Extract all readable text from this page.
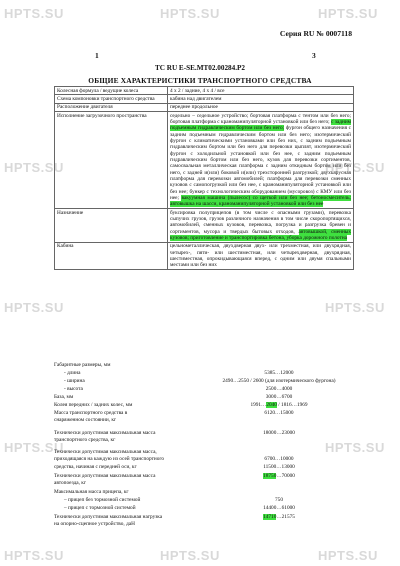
HPTS.SU	HPTS.SU	HPTS.SU
HPTS.SU	HPTS.SU
HPTS.SU	HPTS.SU
HPTS.SU	HPTS.SU
HPTS.SU	HPTS.SU	HPTS.SU
Серия RU № 0007118
1	3
ТС RU E-SE.MT02.00284.P2
ОБЩИЕ ХАРАКТЕРИСТИКИ ТРАНСПОРТНОГО СРЕДСТВА
Колесная формула / ведущие колеса	4 x 2 / задние, 4 x 4 / все
Схема компоновки транспортного средства	кабина над двигателем
Расположение двигателя	переднее продольное
Исполнение загрузочного пространства	седельно – седельное устройство; бортовая платформа с тентом или без него; бортовая платформа с краноманипуляторной установкой или без него; с задним подъемным гидравлическим бортом или без него; фургон общего назначения с задним подъемным гидравлическим бортом или без него; изотермический фургон с климатическими установками или без них, с задним подъемным гидравлическим бортом или без него для перевозки цыплят, изотермический фургон с холодильной установкой или без нее, с задним подъемным гидравлическим бортом или без него, кузов для перевозки сортиментов, самосвальная металлическая платформа с задним откидным бортом или без него, с задней и(или) боковой и(или) трехсторонней разгрузкой; двухъярусная платформа для перевозки автомобилей; платформа для перевозки сменных кузовов с самопогрузкой или без нее, с краноманипуляторной установкой или без нее; бункер с технологическим оборудованием (мусоровоз) с КМУ или без нее; вакуумная машина (пылесос) со щеткой или без нее; бетоносмеситель; автовышка на шасси, краноманипуляторной установкой или без нее
Назначение	буксировка полуприцепов (в том числе с опасными грузами), перевозка сыпучих грузов, грузов различного назначения в том числе скоропортящихся, автомобилей, сменных кузовов, перевозка, погрузка и разгрузка бревен и сортиментов, мусора и твердых бытовых отходов, автовышкой, сменных кузовов; приготовление и транспортировка бетона, уборка дорожного полотна
Кабина	цельнометаллическая, двухдверная двух- или трехместная, или двухрядная, четырех-, пяти- или шестиместная, или четырехдверная, двухрядная, шестиместная, опрокидывающаяся вперед, с одним или двумя спальными местами или без них
Габаритные размеры, мм
- длина	5385…12000
- ширина	2490…2550 / 2600 (для изотермического фургона)
- высота	2500…4000
База, мм	3000…6700
Колея передних / задних колес, мм	1991…2040 / 1816…1969
Масса транспортного средства в	6120…15000
снаряженном состоянии, кг
Технически допустимая максимальная масса	18000…23000
транспортного средства, кг
Технически допустимая максимальная масса,
приходящаяся на каждую из осей транспортного	6700…10000
средства, начиная с передней оси, кг	11500…13000
Технически допустимая максимальная масса	18750…70000
автопоезда, кг
Максимальная масса прицепа, кг
– прицеп без тормозной системой	750
– прицеп с тормозной системой	14400…61000
Технически допустимая максимальная нагрузка	14710…21575
на опорно-сцепное устройство, даН
